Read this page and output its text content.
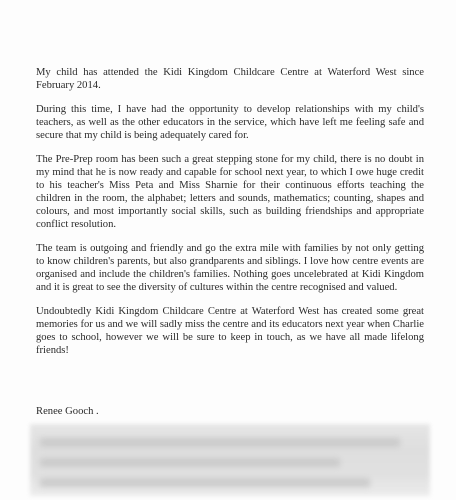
My child has attended the Kidi Kingdom Childcare Centre at Waterford West since February 2014.

During this time, I have had the opportunity to develop relationships with my child's teachers, as well as the other educators in the service, which have left me feeling safe and secure that my child is being adequately cared for.

The Pre-Prep room has been such a great stepping stone for my child, there is no doubt in my mind that he is now ready and capable for school next year, to which I owe huge credit to his teacher's Miss Peta and Miss Sharnie for their continuous efforts teaching the children in the room, the alphabet; letters and sounds, mathematics; counting, shapes and colours, and most importantly social skills, such as building friendships and appropriate conflict resolution.

The team is outgoing and friendly and go the extra mile with families by not only getting to know children's parents, but also grandparents and siblings. I love how centre events are organised and include the children's families. Nothing goes uncelebrated at Kidi Kingdom and it is great to see the diversity of cultures within the centre recognised and valued.

Undoubtedly Kidi Kingdom Childcare Centre at Waterford West has created some great memories for us and we will sadly miss the centre and its educators next year when Charlie goes to school, however we will be sure to keep in touch, as we have all made lifelong friends!

Renee Gooch .
